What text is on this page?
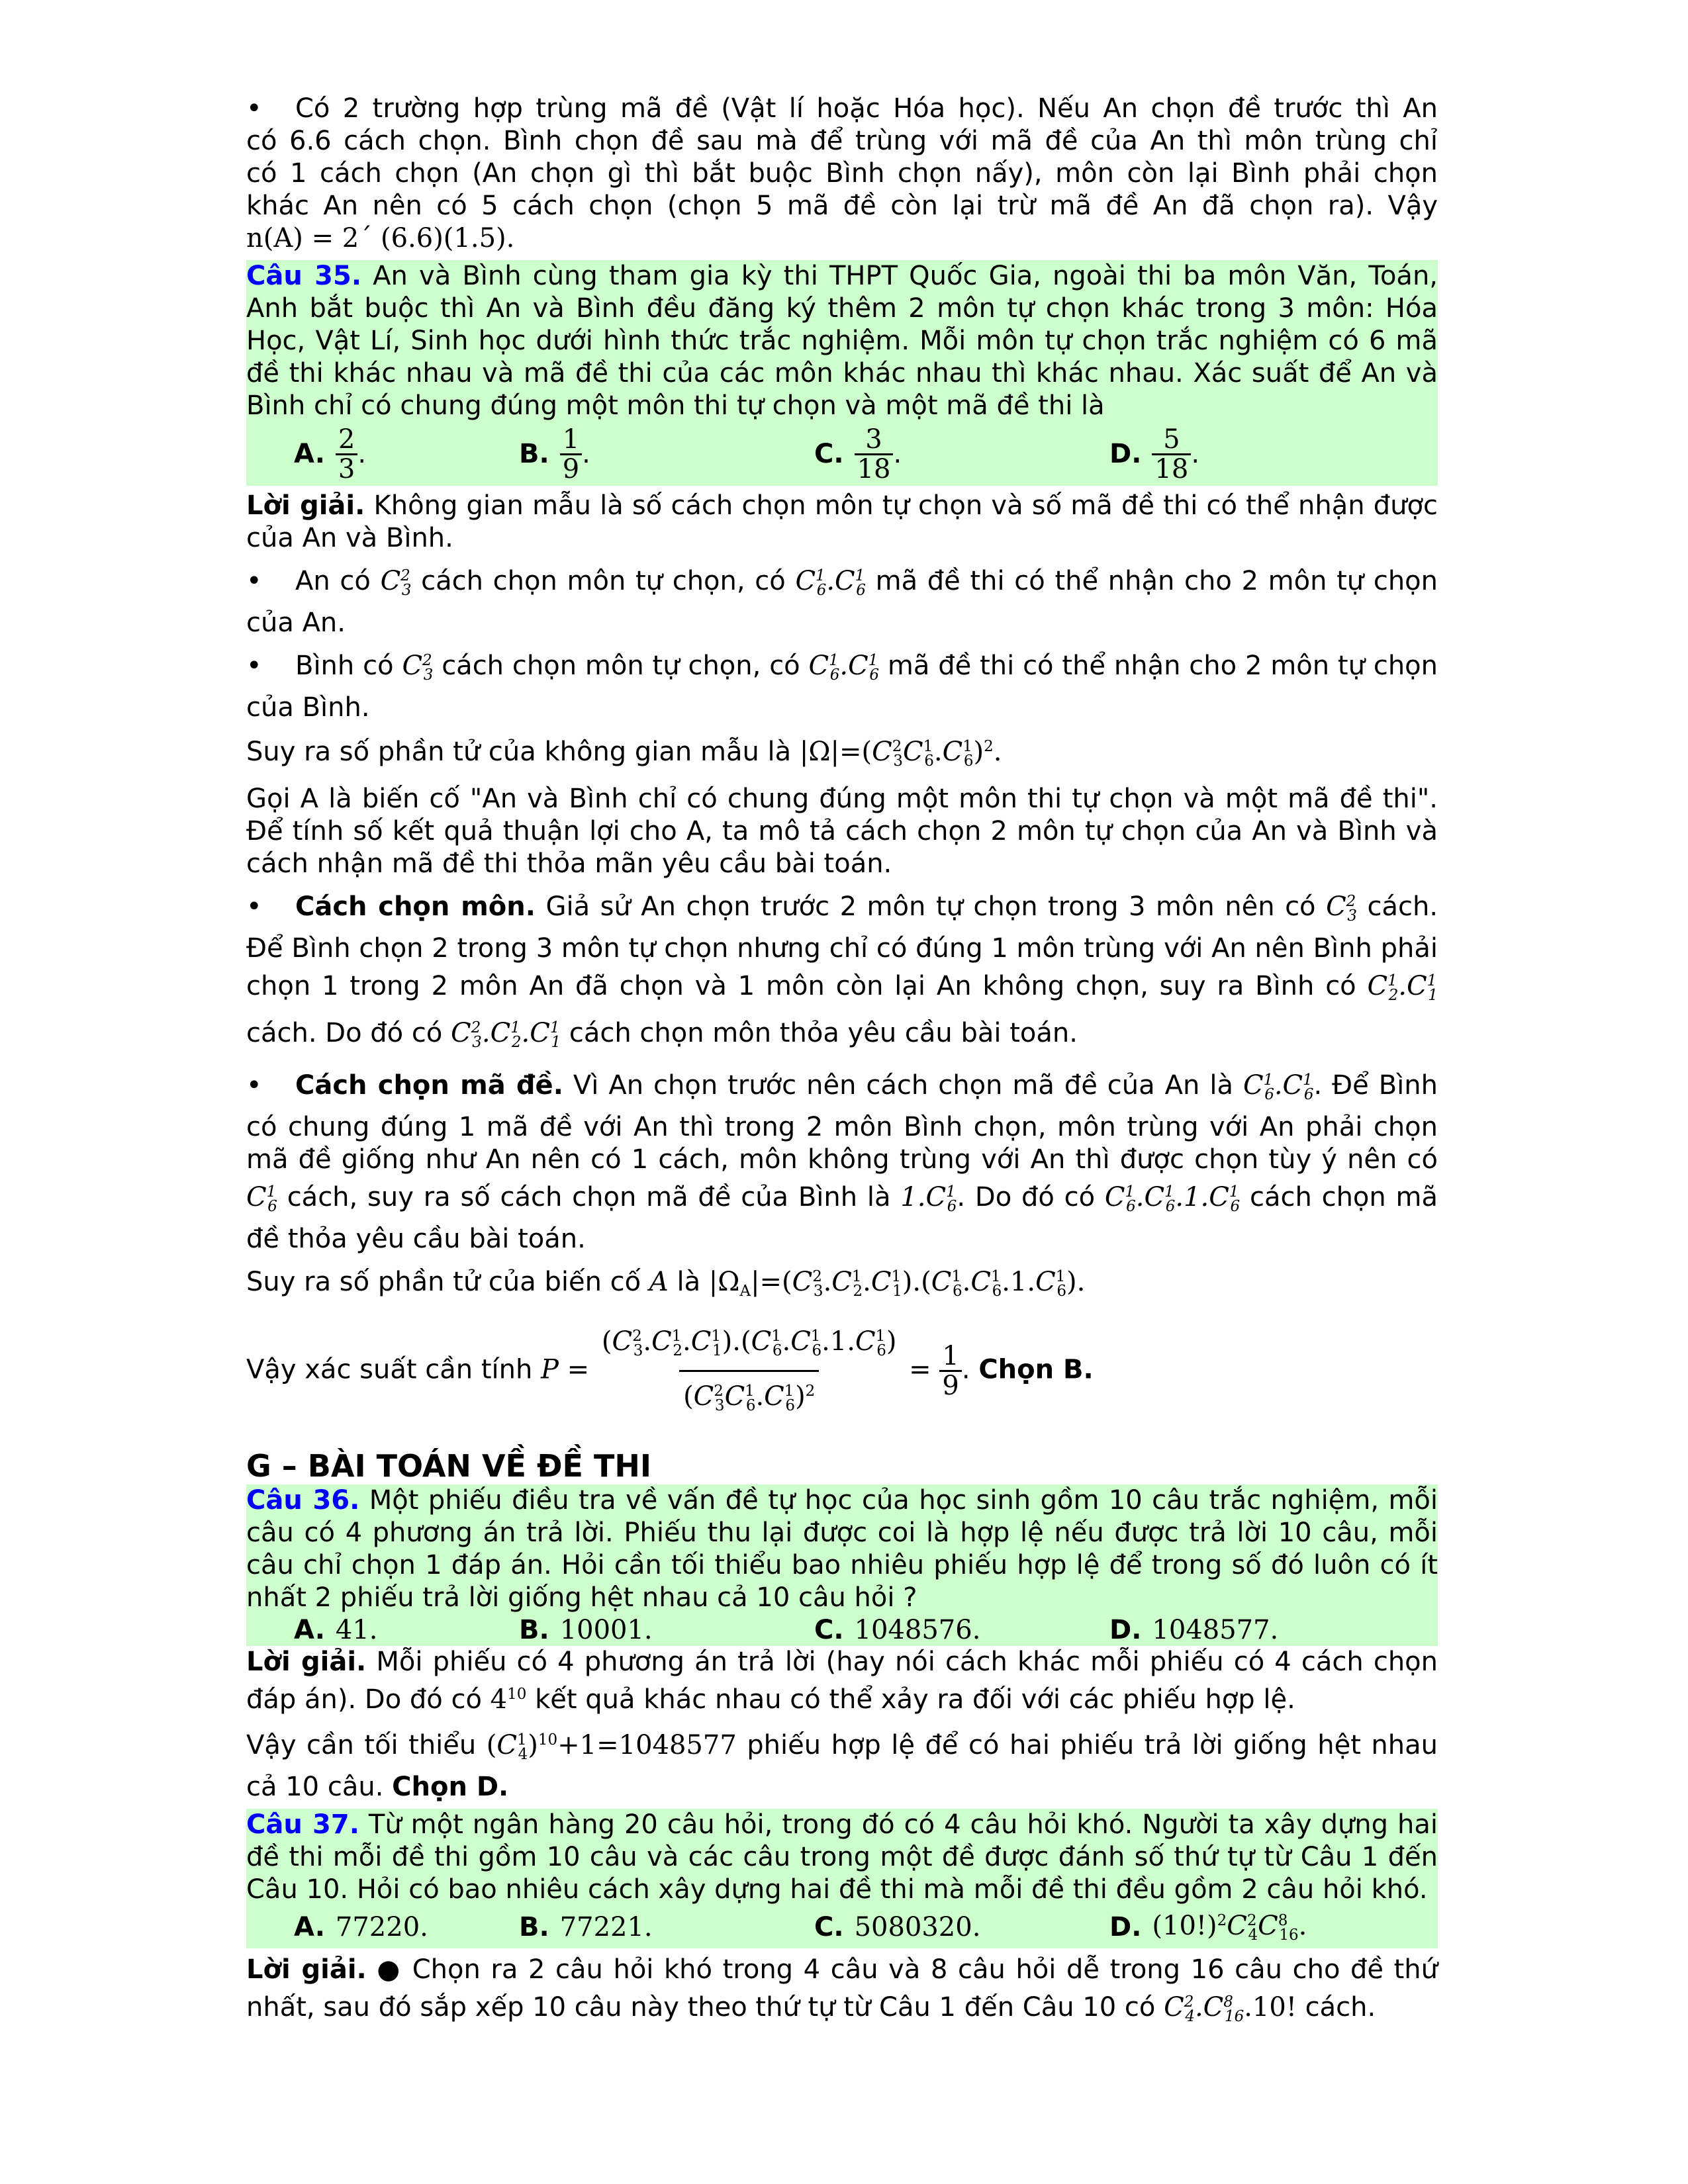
• Có 2 trường hợp trùng mã đề (Vật lí hoặc Hóa học). Nếu An chọn đề trước thì An

có 6.6 cách chọn. Bình chọn đề sau mà để trùng với mã đề của An thì môn trùng chỉ

có 1 cách chọn (An chọn gì thì bắt buộc Bình chọn nấy), môn còn lại Bình phải chọn

khác An nên có 5 cách chọn (chọn 5 mã đề còn lại trừ mã đề An đã chọn ra). Vậy

n(A) = 2´ (6.6)(1.5).

Câu 35. An và Bình cùng tham gia kỳ thi THPT Quốc Gia, ngoài thi ba môn Văn, Toán, Anh bắt buộc thì An và Bình đều đăng ký thêm 2 môn tự chọn khác trong 3 môn: Hóa Học, Vật Lí, Sinh học dưới hình thức trắc nghiệm. Mỗi môn tự chọn trắc nghiệm có 6 mã đề thi khác nhau và mã đề thi của các môn khác nhau thì khác nhau. Xác suất để An và Bình chỉ có chung đúng một môn thi tự chọn và một mã đề thi là

A. $\frac{2}{3}$ .	B. $\frac{1}{9}$ .	C. $\frac{3}{18}$ .	D. $\frac{5}{18}$ .

Lời giải. Không gian mẫu là số cách chọn môn tự chọn và số mã đề thi có thể nhận được của An và Bình.

• An có $C^2_3$ cách chọn môn tự chọn, có $C^1_6.C^1_6$ mã đề thi có thể nhận cho 2 môn tự chọn của An.

• Bình có $C^2_3$ cách chọn môn tự chọn, có $C^1_6.C^1_6$ mã đề thi có thể nhận cho 2 môn tự chọn của Bình.

Suy ra số phần tử của không gian mẫu là $|\Omega|=(C^2_3C^1_6.C^1_6)^2$.

Gọi A là biến cố "An và Bình chỉ có chung đúng một môn thi tự chọn và một mã đề thi". Để tính số kết quả thuận lợi cho A, ta mô tả cách chọn 2 môn tự chọn của An và Bình và cách nhận mã đề thi thỏa mãn yêu cầu bài toán.

• Cách chọn môn. Giả sử An chọn trước 2 môn tự chọn trong 3 môn nên có $C^2_3$ cách. Để Bình chọn 2 trong 3 môn tự chọn nhưng chỉ có đúng 1 môn trùng với An nên Bình phải chọn 1 trong 2 môn An đã chọn và 1 môn còn lại An không chọn, suy ra Bình có $C^1_2.C^1_1$ cách. Do đó có $C^2_3.C^1_2.C^1_1$ cách chọn môn thỏa yêu cầu bài toán.

• Cách chọn mã đề. Vì An chọn trước nên cách chọn mã đề của An là $C^1_6.C^1_6$. Để Bình có chung đúng 1 mã đề với An thì trong 2 môn Bình chọn, môn trùng với An phải chọn mã đề giống như An nên có 1 cách, môn không trùng với An thì được chọn tùy ý nên có $C^1_6$ cách, suy ra số cách chọn mã đề của Bình là $1.C^1_6$. Do đó có $C^1_6.C^1_6.1.C^1_6$ cách chọn mã đề thỏa yêu cầu bài toán.

Suy ra số phần tử của biến cố A là $|\Omega_A|=(C^2_3.C^1_2.C^1_1).(C^1_6.C^1_6.1.C^1_6)$.

Vậy xác suất cần tính $P = \frac{(C^2_3.C^1_2.C^1_1).(C^1_6.C^1_6.1.C^1_6)}{(C^2_3C^1_6.C^1_6)^2} = \frac{1}{9}$ . Chọn B.

G – BÀI TOÁN VỀ ĐỀ THI

Câu 36. Một phiếu điều tra về vấn đề tự học của học sinh gồm 10 câu trắc nghiệm, mỗi câu có 4 phương án trả lời. Phiếu thu lại được coi là hợp lệ nếu được trả lời 10 câu, mỗi câu chỉ chọn 1 đáp án. Hỏi cần tối thiểu bao nhiêu phiếu hợp lệ để trong số đó luôn có ít nhất 2 phiếu trả lời giống hệt nhau cả 10 câu hỏi ?

A. 41.	B. 10001.	C. 1048576.	D. 1048577.

Lời giải. Mỗi phiếu có 4 phương án trả lời (hay nói cách khác mỗi phiếu có 4 cách chọn đáp án). Do đó có $4^{10}$ kết quả khác nhau có thể xảy ra đối với các phiếu hợp lệ.

Vậy cần tối thiểu $(C^1_4)^{10}+1=1048577$ phiếu hợp lệ để có hai phiếu trả lời giống hệt nhau cả 10 câu. Chọn D.

Câu 37. Từ một ngân hàng 20 câu hỏi, trong đó có 4 câu hỏi khó. Người ta xây dựng hai đề thi mỗi đề thi gồm 10 câu và các câu trong một đề được đánh số thứ tự từ Câu 1 đến Câu 10. Hỏi có bao nhiêu cách xây dựng hai đề thi mà mỗi đề thi đều gồm 2 câu hỏi khó.

A. 77220.	B. 77221.	C. 5080320.	D. $(10!)^2C^2_4C^8_{16}$.

Lời giải. ● Chọn ra 2 câu hỏi khó trong 4 câu và 8 câu hỏi dễ trong 16 câu cho đề thứ nhất, sau đó sắp xếp 10 câu này theo thứ tự từ Câu 1 đến Câu 10 có $C^2_4.C^8_{16}.10$! cách.
